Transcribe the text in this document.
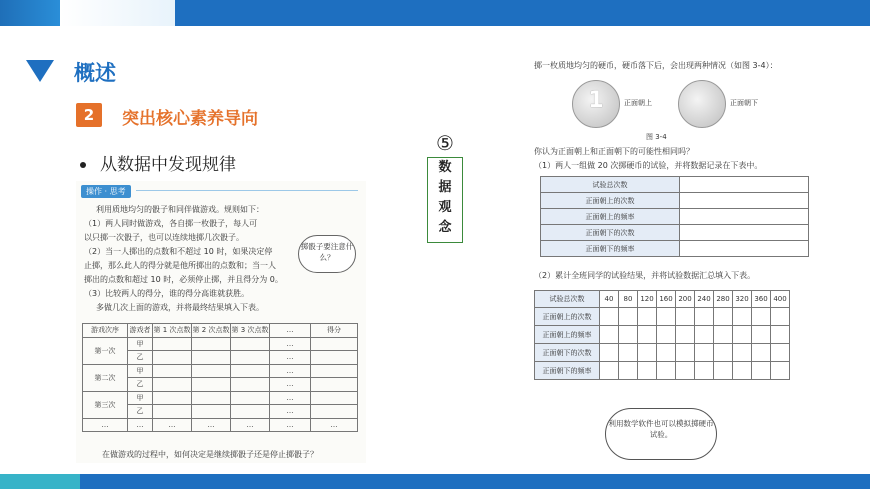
概述
2	突出核心素养导向
从数据中发现规律
操作 · 思考
利用质地均匀的骰子和同伴做游戏。规则如下：
（1）两人同时做游戏，各自掷一枚骰子，每人可
以只掷一次骰子，也可以连续地掷几次骰子。
（2）当一人掷出的点数和不超过 10 时，如果决定停
止掷，那么此人的得分就是他所掷出的点数和；当一人
掷出的点数和超过 10 时，必须停止掷，并且得分为 0。
（3）比较两人的得分，谁的得分高谁就获胜。
多做几次上面的游戏，并将最终结果填入下表。
掷骰子要注意什么？
游戏次序	游戏者	第 1 次点数	第 2 次点数	第 3 次点数	…	得分
第一次	甲				…	
	乙				…	
第二次	甲				…	
	乙				…	
第三次	甲				…	
	乙				…	
…	…	…	…	…	…	…
在做游戏的过程中，如何决定是继续掷骰子还是停止掷骰子？
⑤
数
据
观
念
掷一枚质地均匀的硬币，硬币落下后，会出现两种情况（如图 3-4）：
1	正面朝上	正面朝下
图 3-4
你认为正面朝上和正面朝下的可能性相同吗？
（1）两人一组做 20 次掷硬币的试验，并将数据记录在下表中。
试验总次数	
正面朝上的次数	
正面朝上的频率	
正面朝下的次数	
正面朝下的频率	
（2）累计全班同学的试验结果，并将试验数据汇总填入下表。
试验总次数	40	80	120	160	200	240	280	320	360	400
正面朝上的次数										
正面朝上的频率										
正面朝下的次数										
正面朝下的频率										
利用数学软件也可以模拟掷硬币试验。
